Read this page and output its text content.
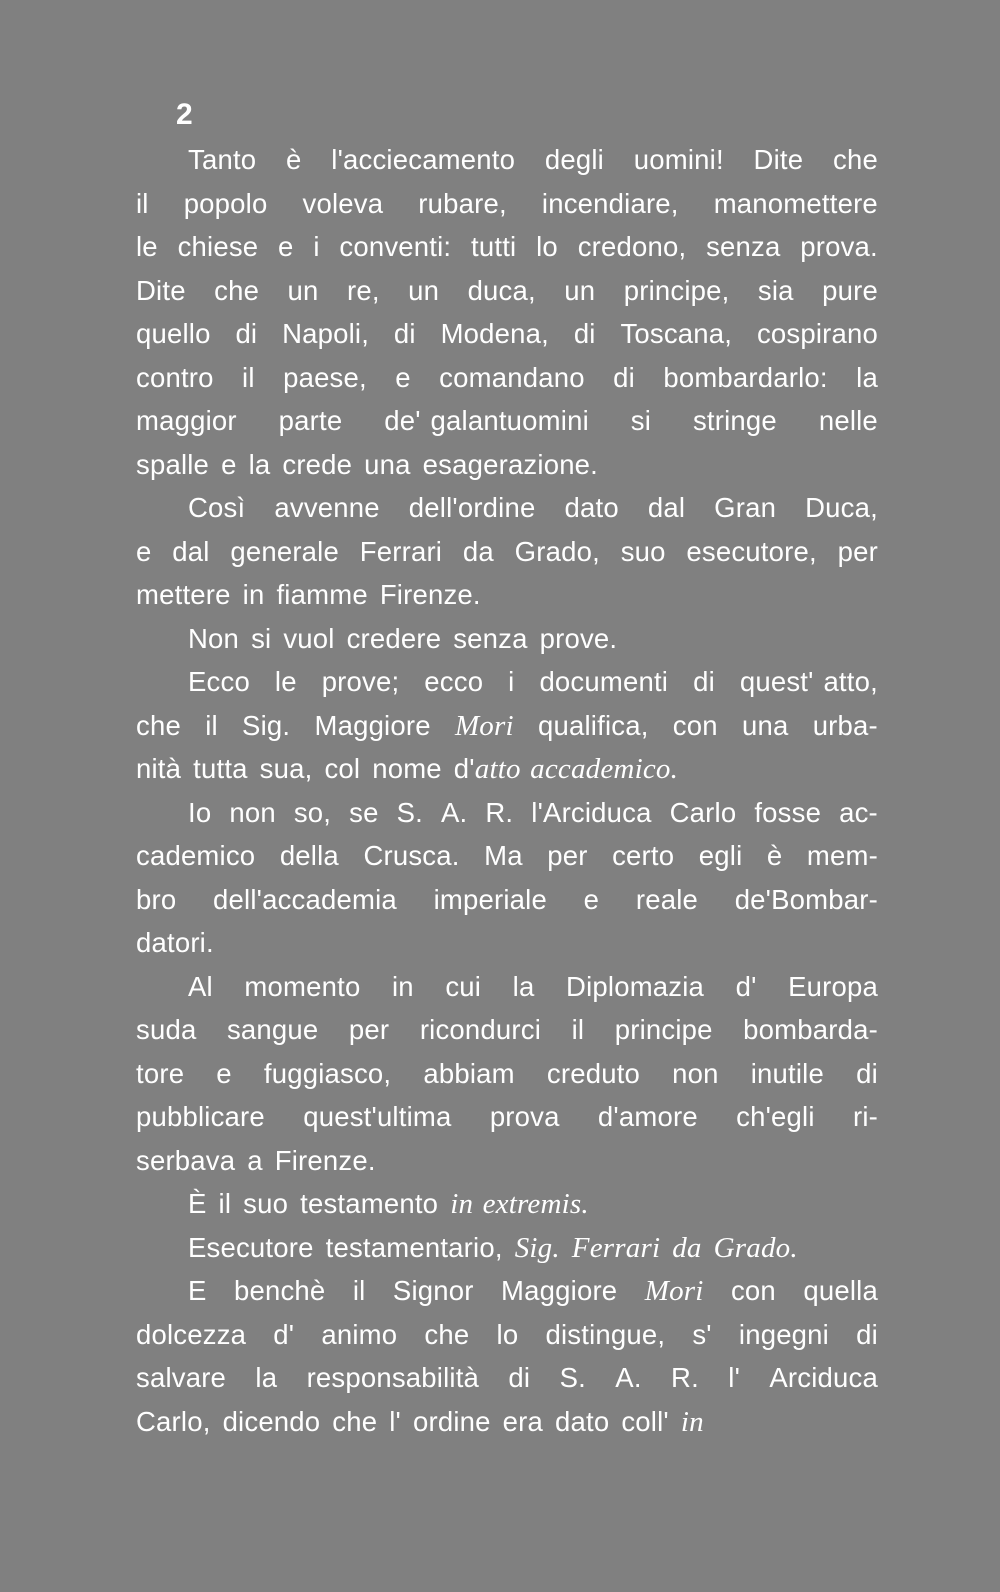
2
Tanto è l'acciecamento degli uomini! Dite che
il popolo voleva rubare, incendiare, manomettere
le chiese e i conventi: tutti lo credono, senza prova.
Dite che un re, un duca, un principe, sia pure
quello di Napoli, di Modena, di Toscana, cospirano
contro il paese, e comandano di bombardarlo: la
maggior parte de' galantuomini si stringe nelle
spalle e la crede una esagerazione.
Così avvenne dell'ordine dato dal Gran Duca,
e dal generale Ferrari da Grado, suo esecutore, per
mettere in fiamme Firenze.
Non si vuol credere senza prove.
Ecco le prove; ecco i documenti di quest' atto,
che il Sig. Maggiore Mori qualifica, con una urba-
nità tutta sua, col nome d'atto accademico.
Io non so, se S. A. R. l'Arciduca Carlo fosse ac-
cademico della Crusca. Ma per certo egli è mem-
bro dell'accademia imperiale e reale de'Bombar-
datori.
Al momento in cui la Diplomazia d' Europa
suda sangue per ricondurci il principe bombarda-
tore e fuggiasco, abbiam creduto non inutile di
pubblicare quest'ultima prova d'amore ch'egli ri-
serbava a Firenze.
È il suo testamento in extremis.
Esecutore testamentario, Sig. Ferrari da Grado.
E benchè il Signor Maggiore Mori con quella
dolcezza d' animo che lo distingue, s' ingegni di
salvare la responsabilità di S. A. R. l' Arciduca
Carlo, dicendo che l' ordine era dato coll' in
